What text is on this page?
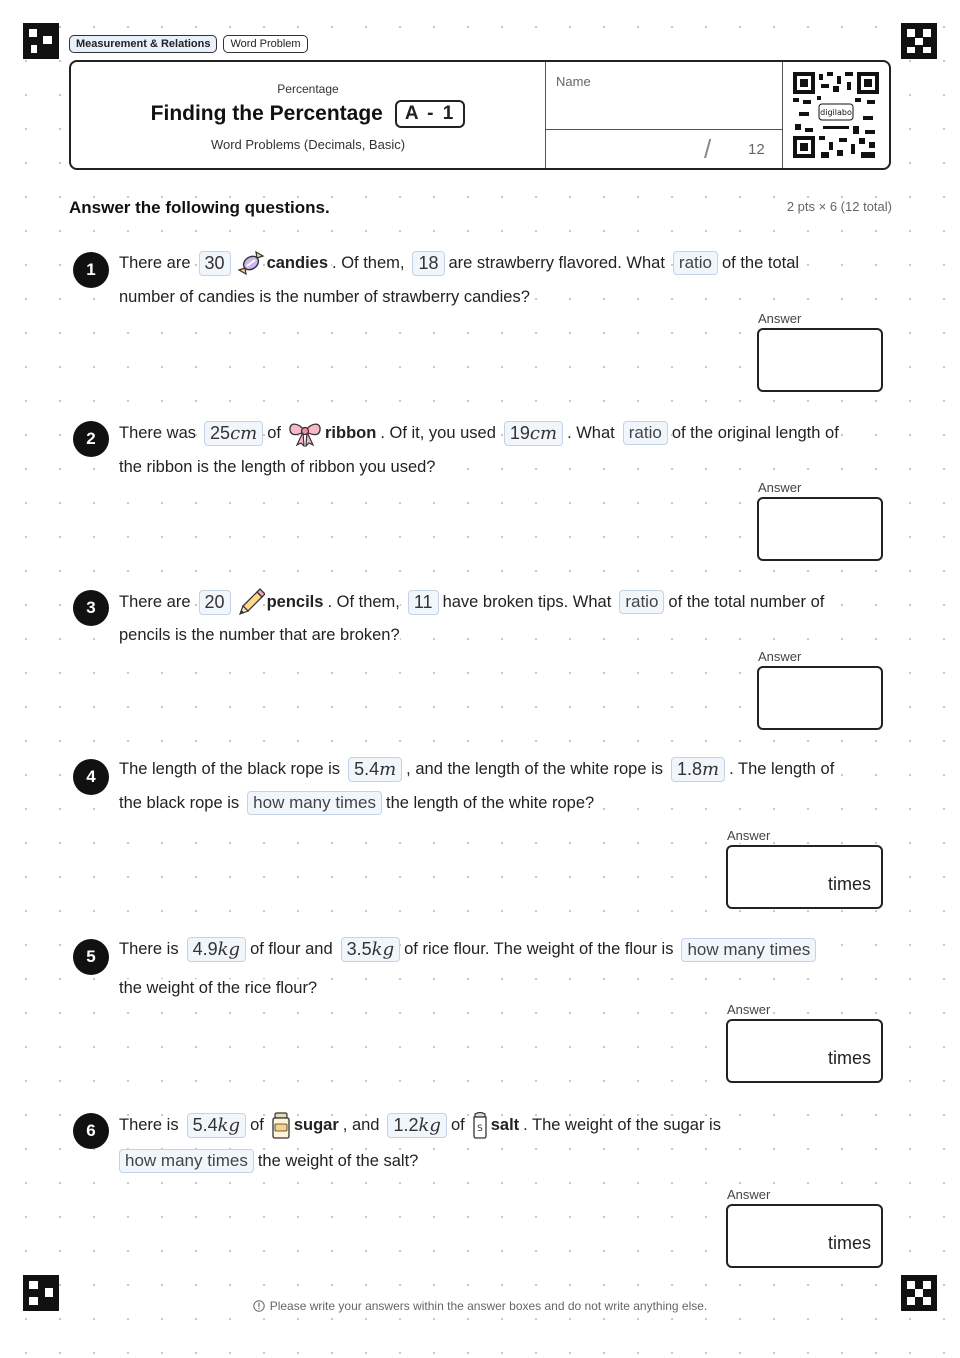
Measurement & Relations	Word Problem
Percentage
Finding the Percentage	A - 1
Word Problems (Decimals, Basic)
Name
/ 12
digilabo
Answer the following questions.	2 pts × 6 (12 total)
1	There are 30	candies . Of them, 18 are strawberry flavored. What ratio of the total
number of candies is the number of strawberry candies?
Answer
2	There was 25cm of	ribbon . Of it, you used 19cm . What ratio of the original length of
the ribbon is the length of ribbon you used?
Answer
3	There are 20	pencils . Of them, 11 have broken tips. What ratio of the total number of
pencils is the number that are broken?
Answer
4	The length of the black rope is 5.4m , and the length of the white rope is 1.8m . The length of
the black rope is how many times the length of the white rope?
Answer
times
5	There is 4.9kg of flour and 3.5kg of rice flour. The weight of the flour is how many times
the weight of the rice flour?
Answer
times
6	There is 5.4kg of sugar , and 1.2kg of S salt . The weight of the sugar is
how many times the weight of the salt?
Answer
times
Please write your answers within the answer boxes and do not write anything else.
